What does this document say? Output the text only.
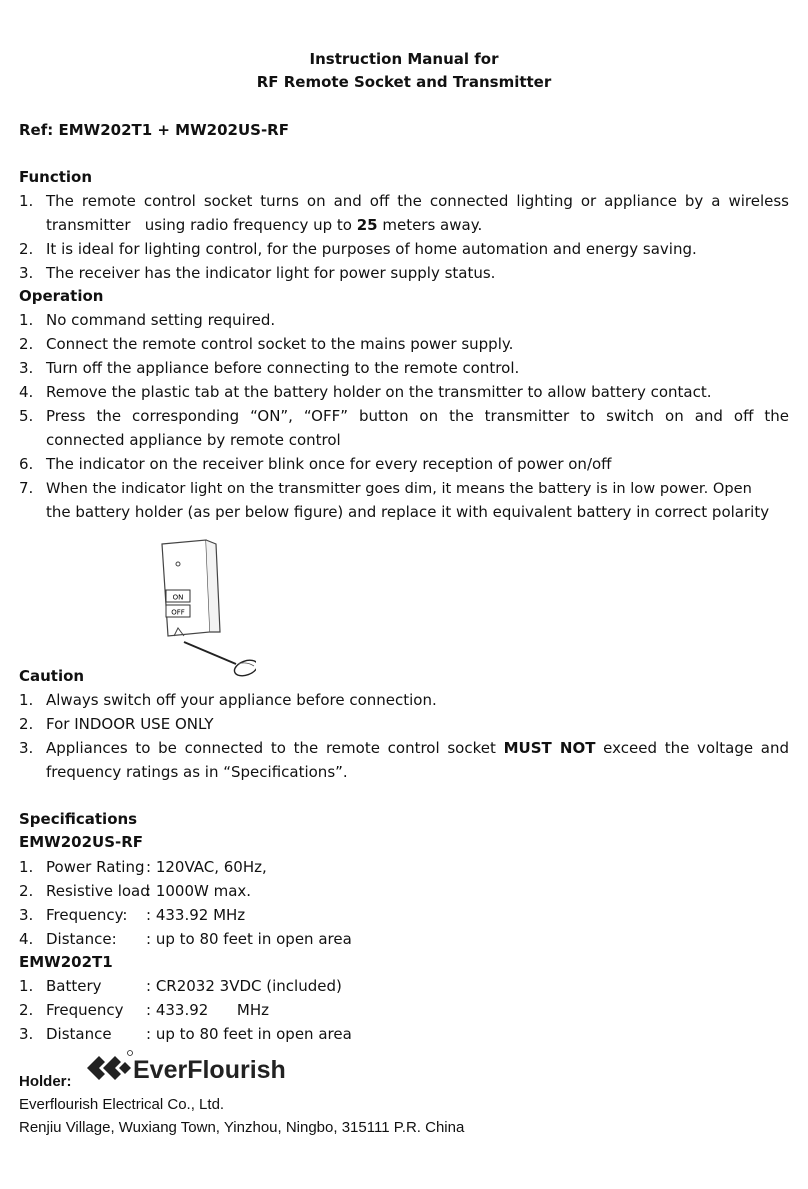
Instruction Manual for
RF Remote Socket and Transmitter
Ref: EMW202T1 + MW202US-RF
Function
1. The remote control socket turns on and off the connected lighting or appliance by a wireless
transmitter   using radio frequency up to 25 meters away.
2. It is ideal for lighting control, for the purposes of home automation and energy saving.
3. The receiver has the indicator light for power supply status.
Operation
1. No command setting required.
2. Connect the remote control socket to the mains power supply.
3. Turn off the appliance before connecting to the remote control.
4. Remove the plastic tab at the battery holder on the transmitter to allow battery contact.
5. Press the corresponding “ON”, “OFF” button on the transmitter to switch on and off the
connected appliance by remote control
6. The indicator on the receiver blink once for every reception of power on/off
7. When the indicator light on the transmitter goes dim, it means the battery is in low power. Open
the battery holder (as per below figure) and replace it with equivalent battery in correct polarity
ON
OFF
Caution
1. Always switch off your appliance before connection.
2. For INDOOR USE ONLY
3. Appliances to be connected to the remote control socket MUST NOT exceed the voltage and
frequency ratings as in “Specifications”.
Specifications
EMW202US-RF
1. Power Rating : 120VAC, 60Hz,
2. Resistive load: 1000W max.
3. Frequency: : 433.92 MHz
4. Distance: : up to 80 feet in open area
EMW202T1
1. Battery	: CR2032 3VDC (included)
2. Frequency : 433.92      MHz
3. Distance : up to 80 feet in open area
Holder: EverFlourish
Everflourish Electrical Co., Ltd.
Renjiu Village, Wuxiang Town, Yinzhou, Ningbo, 315111 P.R. China
